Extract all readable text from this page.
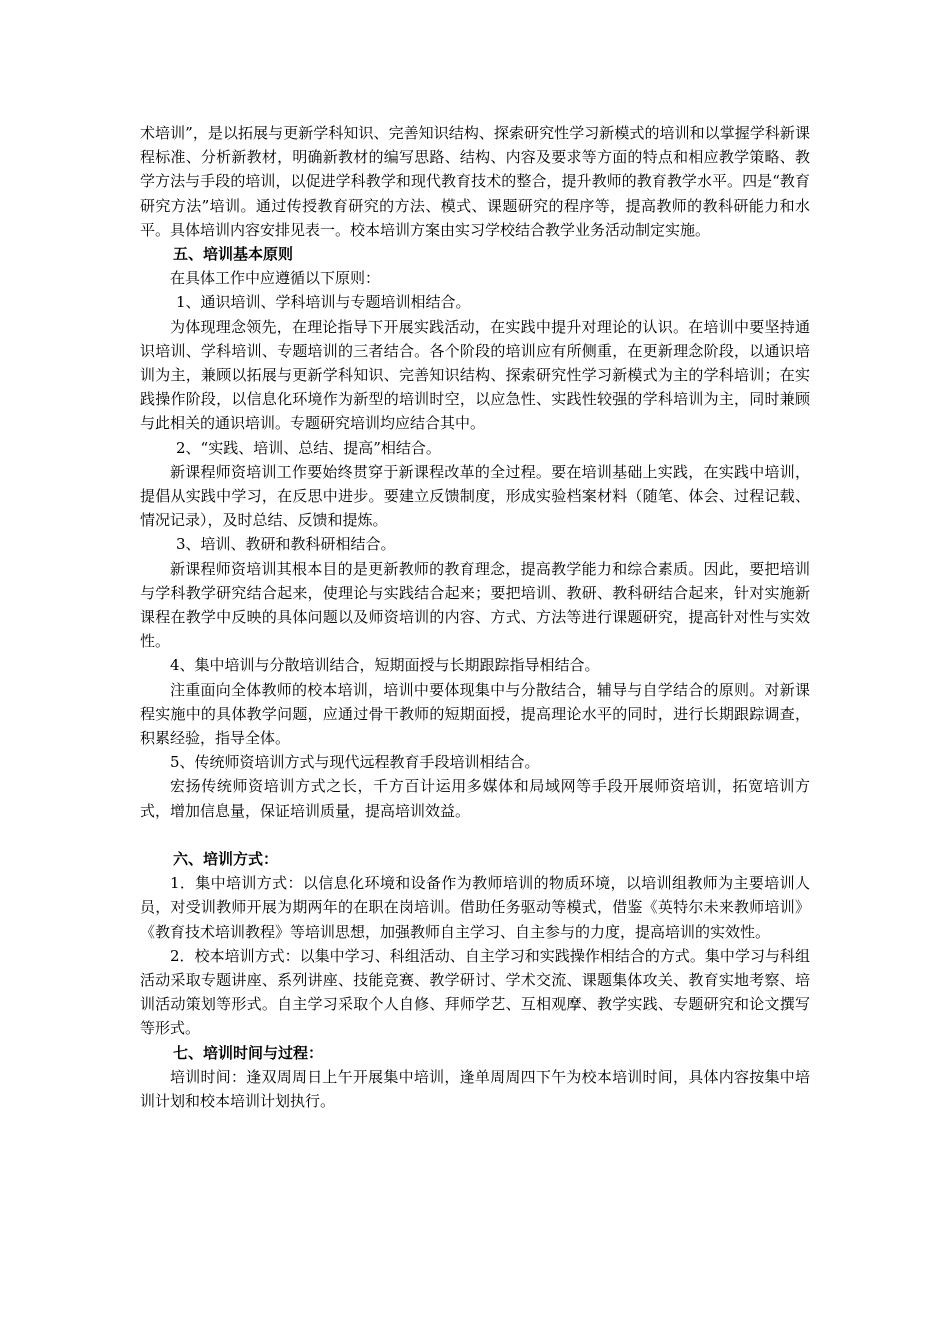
术培训”，是以拓展与更新学科知识、完善知识结构、探索研究性学习新模式的培训和以掌握学科新课程标准、分析新教材，明确新教材的编写思路、结构、内容及要求等方面的特点和相应教学策略、教学方法与手段的培训，以促进学科教学和现代教育技术的整合，提升教师的教育教学水平。四是“教育研究方法”培训。通过传授教育研究的方法、模式、课题研究的程序等，提高教师的教科研能力和水平。具体培训内容安排见表一。校本培训方案由实习学校结合教学业务活动制定实施。

五、培训基本原则

在具体工作中应遵循以下原则：

1、通识培训、学科培训与专题培训相结合。

为体现理念领先，在理论指导下开展实践活动，在实践中提升对理论的认识。在培训中要坚持通识培训、学科培训、专题培训的三者结合。各个阶段的培训应有所侧重，在更新理念阶段，以通识培训为主，兼顾以拓展与更新学科知识、完善知识结构、探索研究性学习新模式为主的学科培训；在实践操作阶段，以信息化环境作为新型的培训时空，以应急性、实践性较强的学科培训为主，同时兼顾与此相关的通识培训。专题研究培训均应结合其中。

2、“实践、培训、总结、提高”相结合。

新课程师资培训工作要始终贯穿于新课程改革的全过程。要在培训基础上实践，在实践中培训，提倡从实践中学习，在反思中进步。要建立反馈制度，形成实验档案材料（随笔、体会、过程记载、情况记录），及时总结、反馈和提炼。

3、培训、教研和教科研相结合。

新课程师资培训其根本目的是更新教师的教育理念，提高教学能力和综合素质。因此，要把培训与学科教学研究结合起来，使理论与实践结合起来；要把培训、教研、教科研结合起来，针对实施新课程在教学中反映的具体问题以及师资培训的内容、方式、方法等进行课题研究，提高针对性与实效性。

4、集中培训与分散培训结合，短期面授与长期跟踪指导相结合。

注重面向全体教师的校本培训，培训中要体现集中与分散结合，辅导与自学结合的原则。对新课程实施中的具体教学问题，应通过骨干教师的短期面授，提高理论水平的同时，进行长期跟踪调查，积累经验，指导全体。

5、传统师资培训方式与现代远程教育手段培训相结合。

宏扬传统师资培训方式之长，千方百计运用多媒体和局域网等手段开展师资培训，拓宽培训方式，增加信息量，保证培训质量，提高培训效益。

六、培训方式：

1．集中培训方式：以信息化环境和设备作为教师培训的物质环境，以培训组教师为主要培训人员，对受训教师开展为期两年的在职在岗培训。借助任务驱动等模式，借鉴《英特尔未来教师培训》《教育技术培训教程》等培训思想，加强教师自主学习、自主参与的力度，提高培训的实效性。

2．校本培训方式：以集中学习、科组活动、自主学习和实践操作相结合的方式。集中学习与科组活动采取专题讲座、系列讲座、技能竞赛、教学研讨、学术交流、课题集体攻关、教育实地考察、培训活动策划等形式。自主学习采取个人自修、拜师学艺、互相观摩、教学实践、专题研究和论文撰写等形式。

七、培训时间与过程：

培训时间：逢双周周日上午开展集中培训，逢单周周四下午为校本培训时间，具体内容按集中培训计划和校本培训计划执行。
